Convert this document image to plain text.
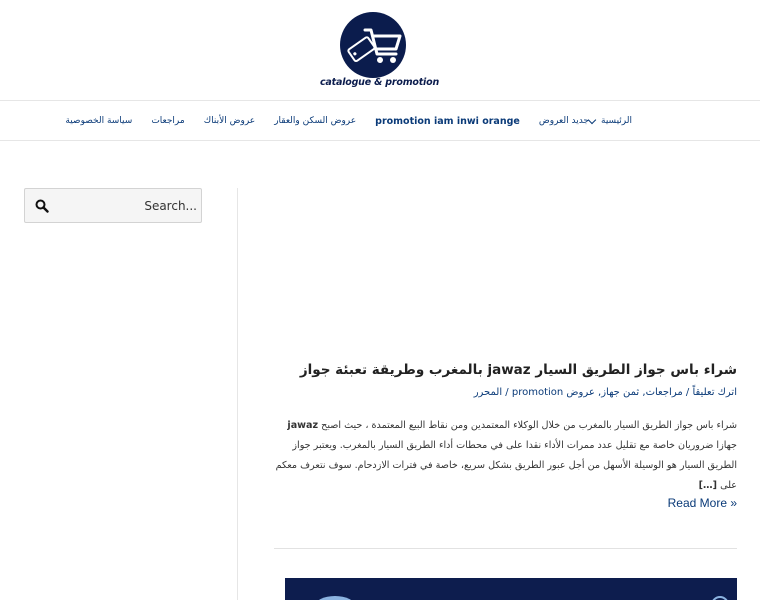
catalogue & promotion
الرئيسية
جديد العروض
promotion iam inwi orange
عروض السكن والعقار
عروض الأبناك
مراجعات
سياسة الخصوصية
Search...
شراء باس جواز الطريق السيار jawaz بالمغرب وطريقة تعبئة جواز
اترك تعليقاً / مراجعات, ثمن جهاز, عروض promotion / المحرر

شراء باس جواز الطريق السيار بالمغرب من خلال الوكلاء المعتمدين ومن نقاط البيع المعتمدة ، حيث اصبح jawaz جهازا ضروريان خاصة مع تقليل عدد ممرات الأداء نقدا على في محطات أداء الطريق السيار بالمغرب. ويعتبر جواز الطريق السيار هو الوسيلة الأسهل من أجل عبور الطريق بشكل سريع، خاصة في فترات الازدحام. سوف نتعرف معكم على […]

Read More »
